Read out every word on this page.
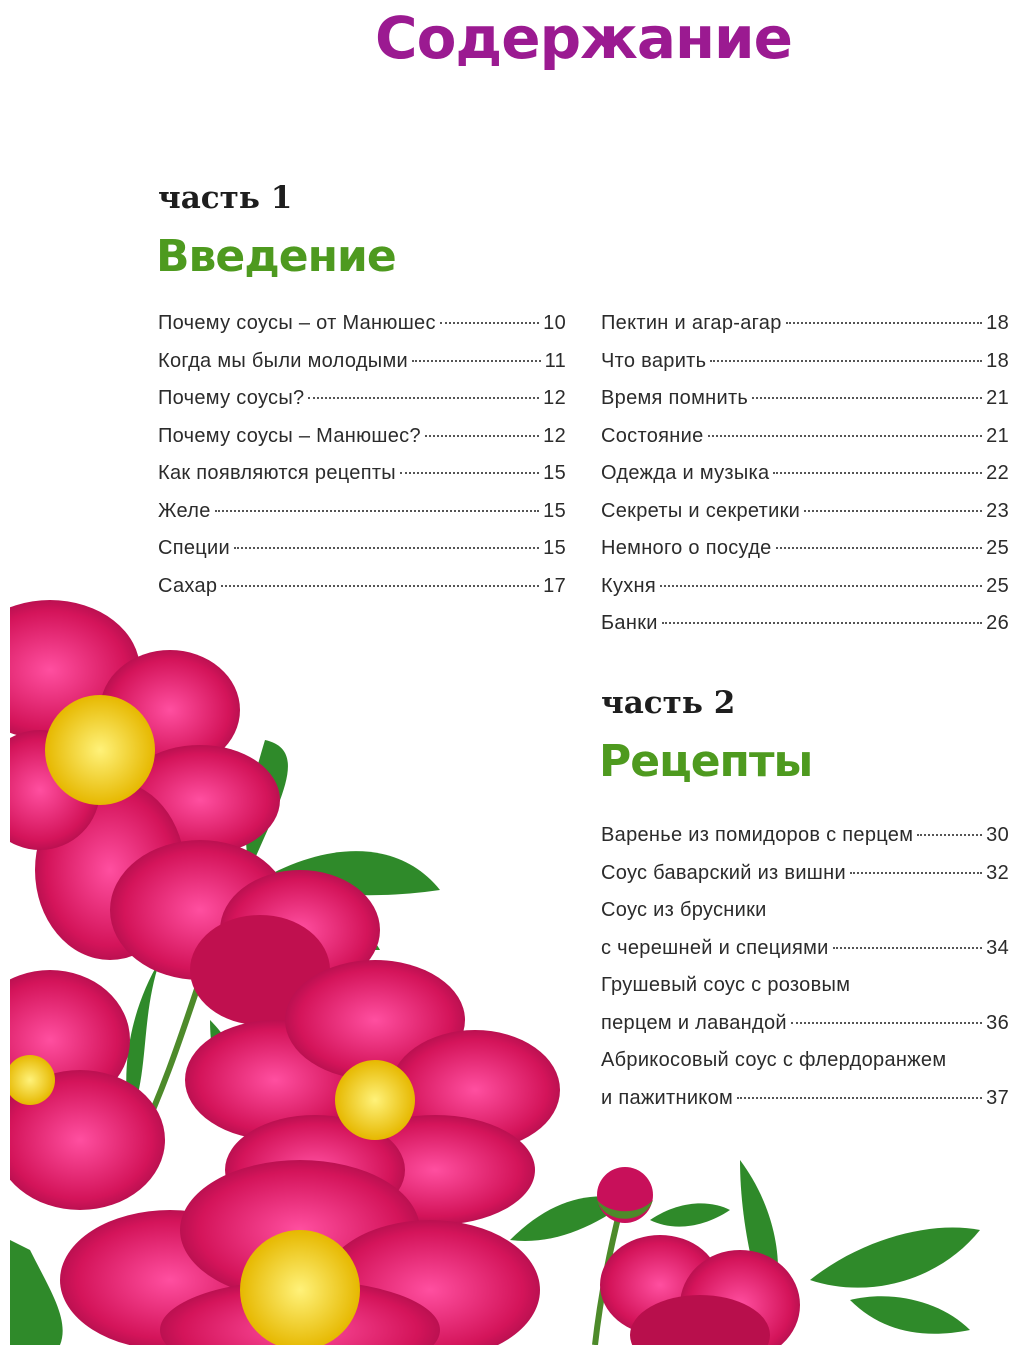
Содержание
часть 1
Введение
Почему соусы – от Манюшес	10
Когда мы были молодыми	11
Почему соусы?	12
Почему соусы – Манюшес?	12
Как появляются рецепты	15
Желе	15
Специи	15
Сахар	17
Пектин и агар-агар	18
Что варить	18
Время помнить	21
Состояние	21
Одежда и музыка	22
Секреты и секретики	23
Немного о посуде	25
Кухня	25
Банки	26
часть 2
Рецепты
Варенье из помидоров с перцем	30
Соус баварский из вишни	32
Соус из брусники
с черешней и специями	34
Грушевый соус с розовым
перцем и лавандой	36
Абрикосовый соус с флердоранжем
и пажитником	37
